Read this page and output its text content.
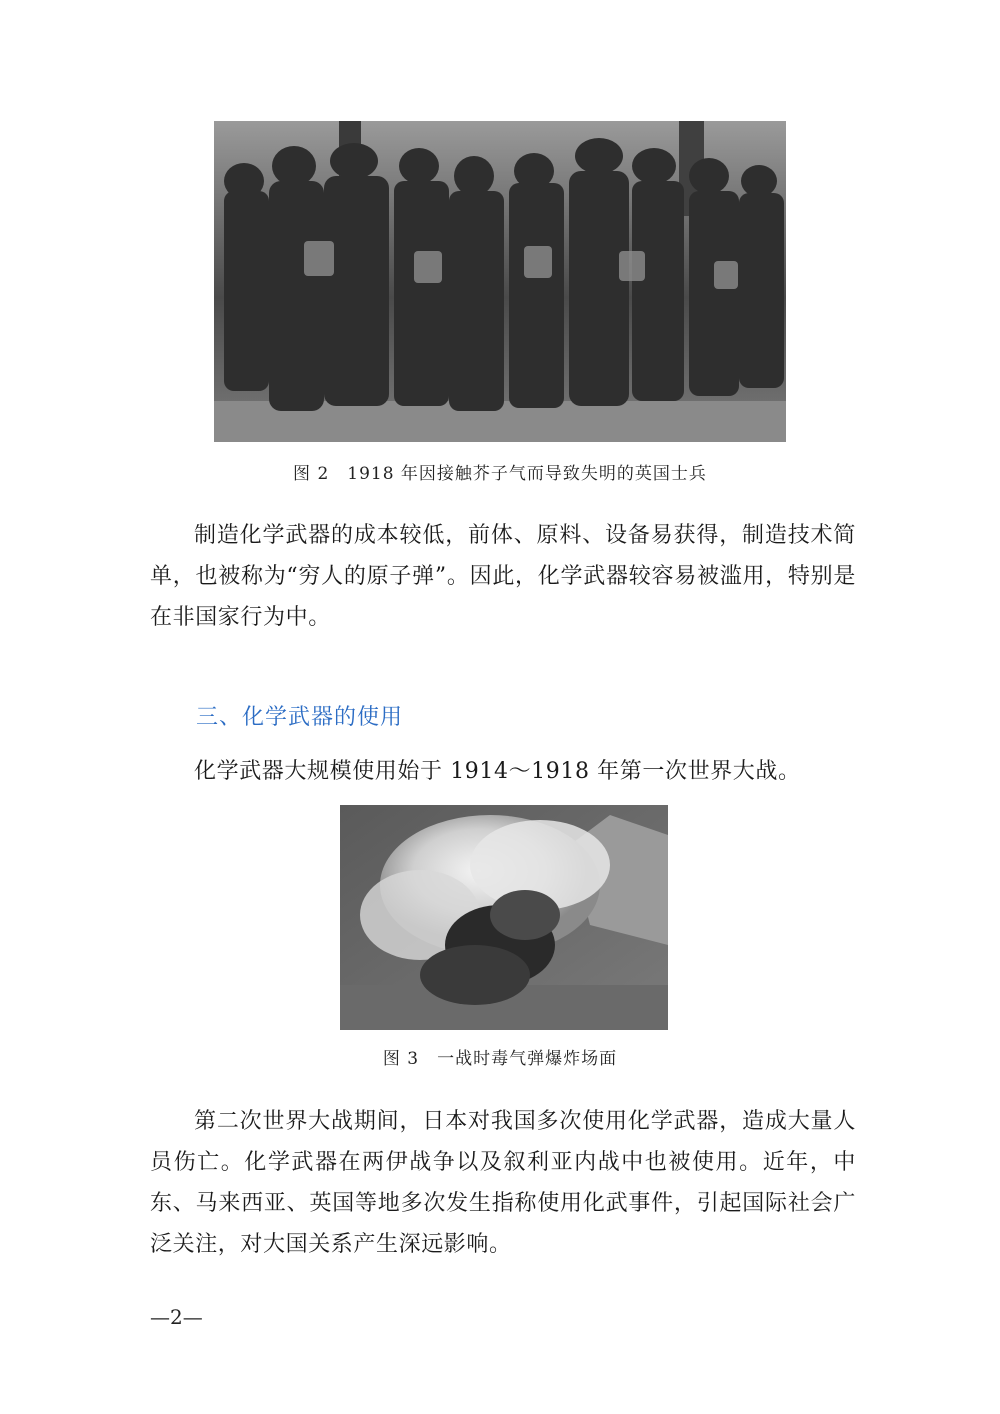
图 2　1918 年因接触芥子气而导致失明的英国士兵

制造化学武器的成本较低，前体、原料、设备易获得，制造技术简单，也被称为“穷人的原子弹”。因此，化学武器较容易被滥用，特别是在非国家行为中。

三、化学武器的使用

化学武器大规模使用始于 1914～1918 年第一次世界大战。

图 3　一战时毒气弹爆炸场面

第二次世界大战期间，日本对我国多次使用化学武器，造成大量人员伤亡。化学武器在两伊战争以及叙利亚内战中也被使用。近年，中东、马来西亚、英国等地多次发生指称使用化武事件，引起国际社会广泛关注，对大国关系产生深远影响。

—2—
